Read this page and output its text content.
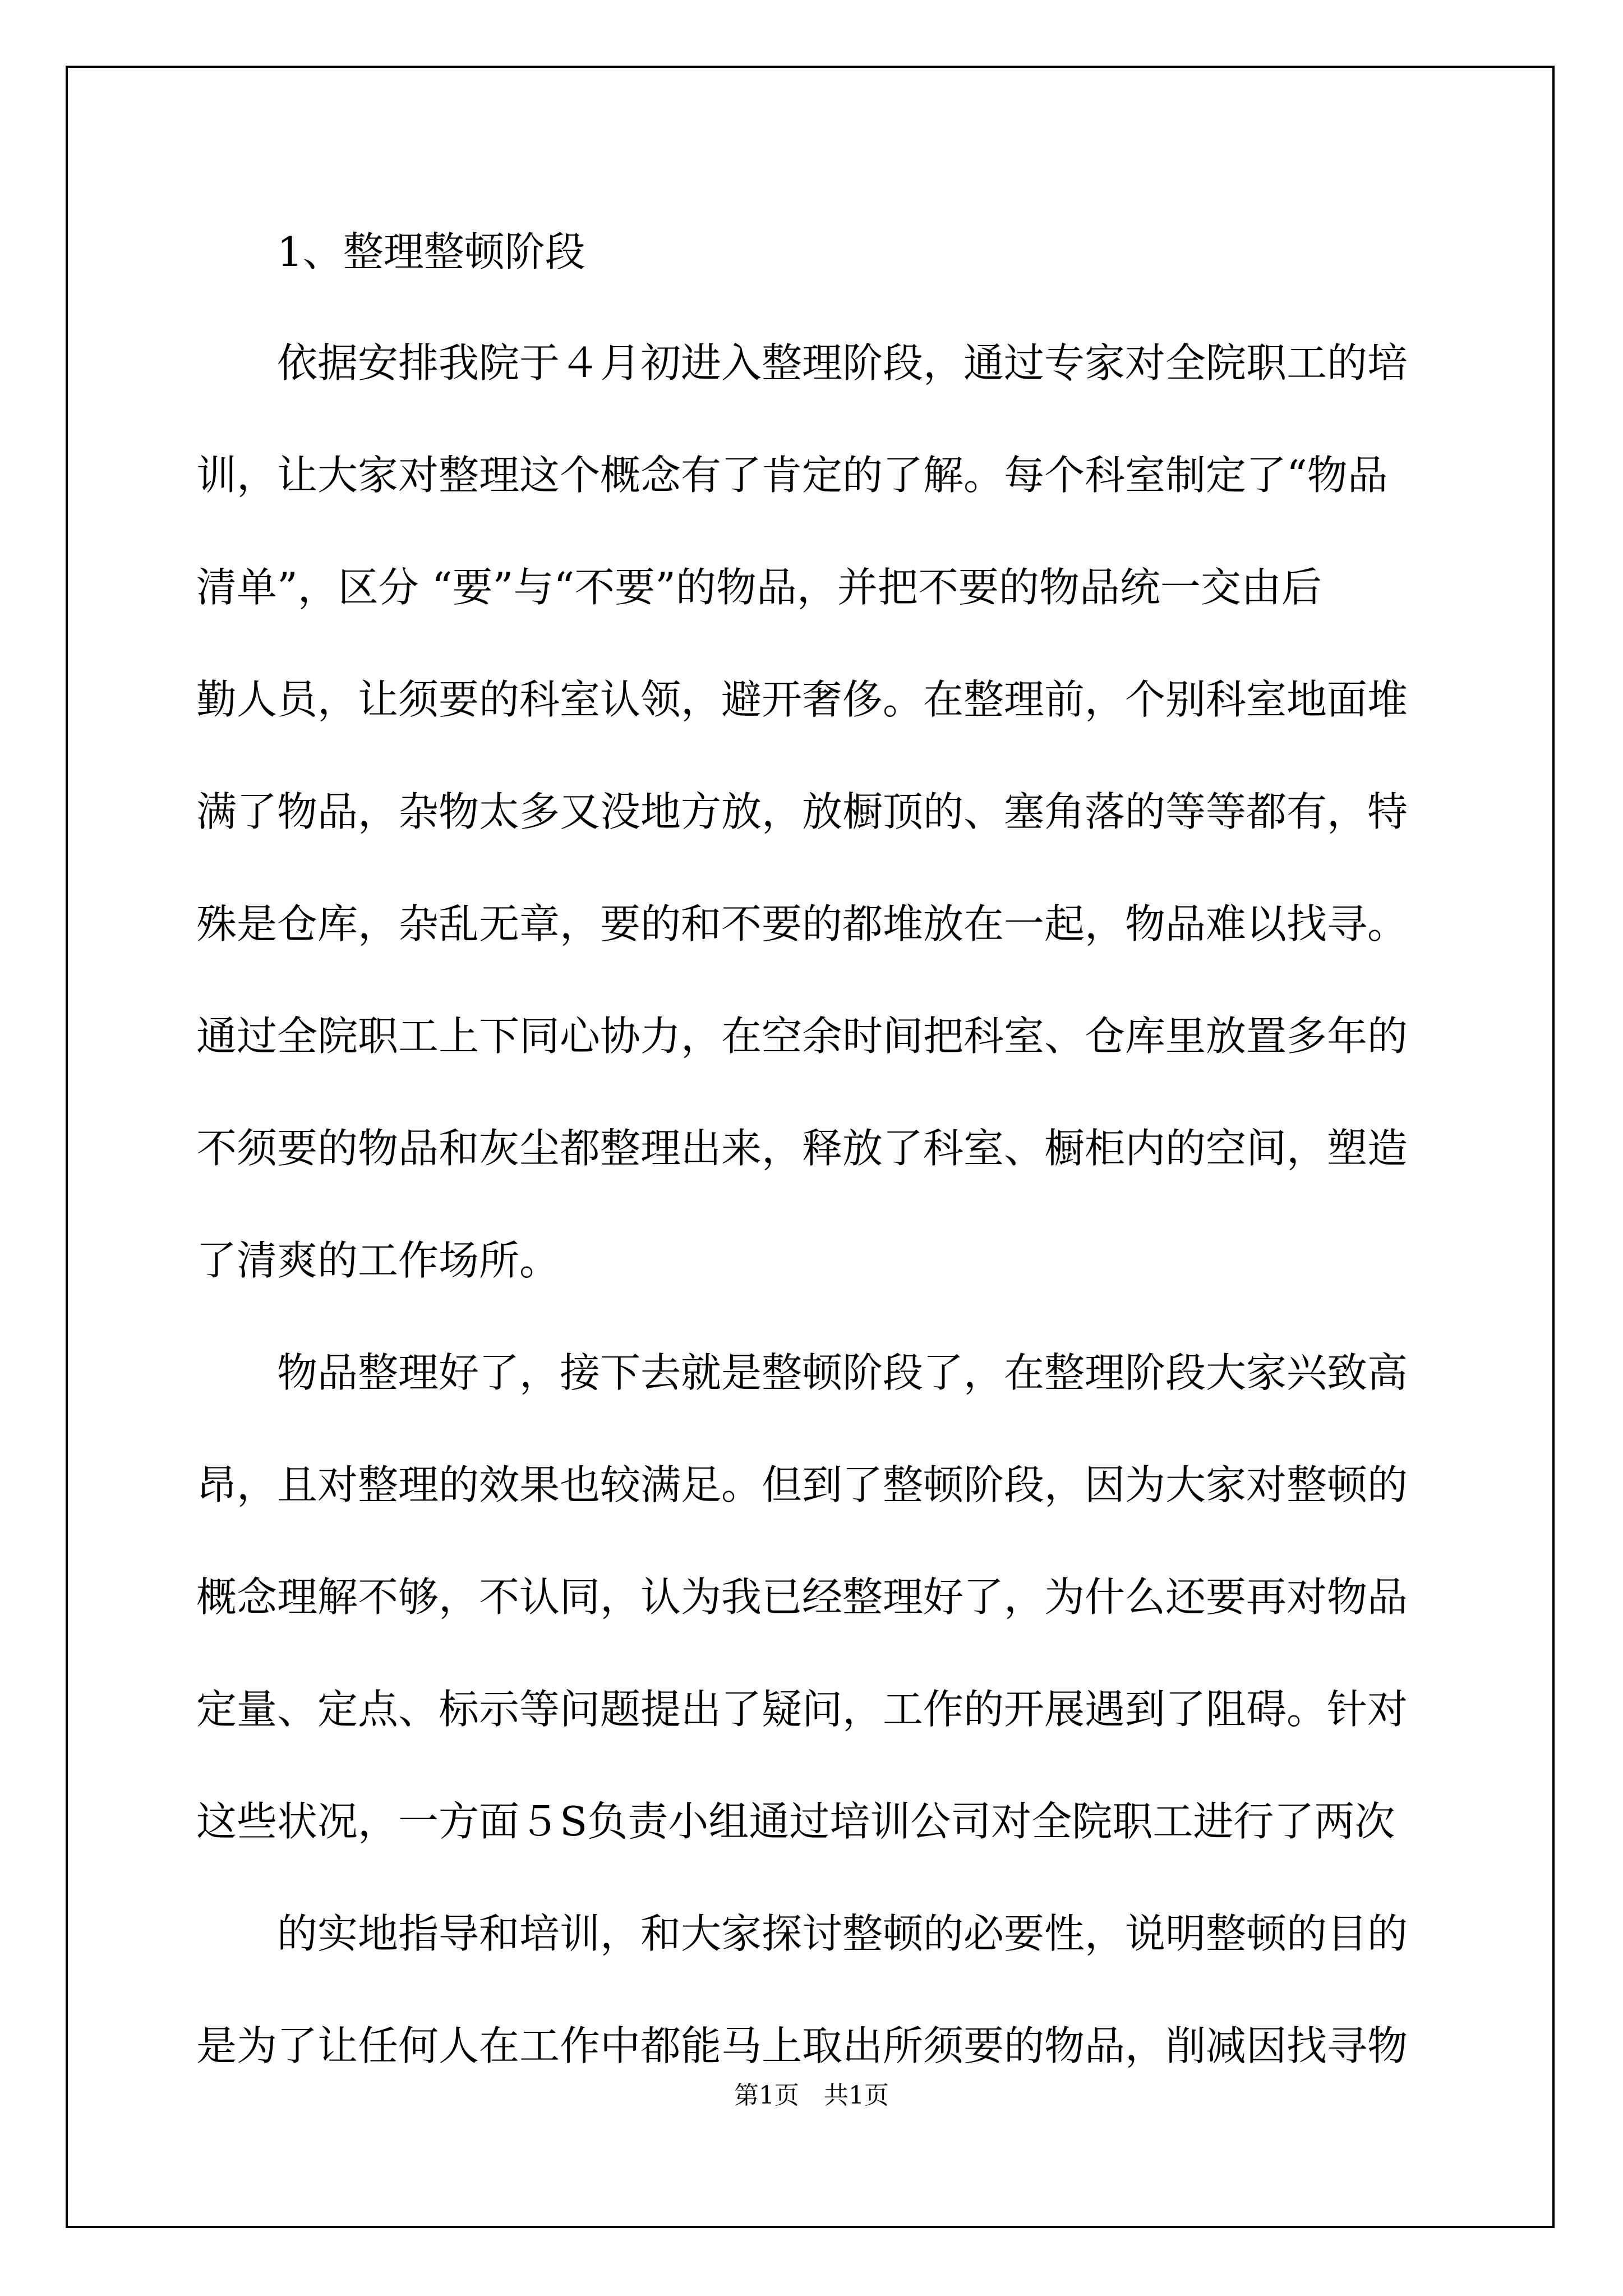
　　1、整理整顿阶段
　　依据安排我院于４月初进入整理阶段，通过专家对全院职工的培
训，让大家对整理这个概念有了肯定的了解。每个科室制定了“物品
清单”，区分 “要”与“不要”的物品，并把不要的物品统一交由后
勤人员，让须要的科室认领，避开奢侈。在整理前，个别科室地面堆
满了物品，杂物太多又没地方放，放橱顶的、塞角落的等等都有，特
殊是仓库，杂乱无章，要的和不要的都堆放在一起，物品难以找寻。
通过全院职工上下同心协力，在空余时间把科室、仓库里放置多年的
不须要的物品和灰尘都整理出来，释放了科室、橱柜内的空间，塑造
了清爽的工作场所。
　　物品整理好了，接下去就是整顿阶段了，在整理阶段大家兴致高
昂，且对整理的效果也较满足。但到了整顿阶段，因为大家对整顿的
概念理解不够，不认同，认为我已经整理好了，为什么还要再对物品
定量、定点、标示等问题提出了疑问，工作的开展遇到了阻碍。针对
这些状况，一方面５S负责小组通过培训公司对全院职工进行了两次
　　的实地指导和培训，和大家探讨整顿的必要性，说明整顿的目的
是为了让任何人在工作中都能马上取出所须要的物品，削减因找寻物
第1页　共1页
